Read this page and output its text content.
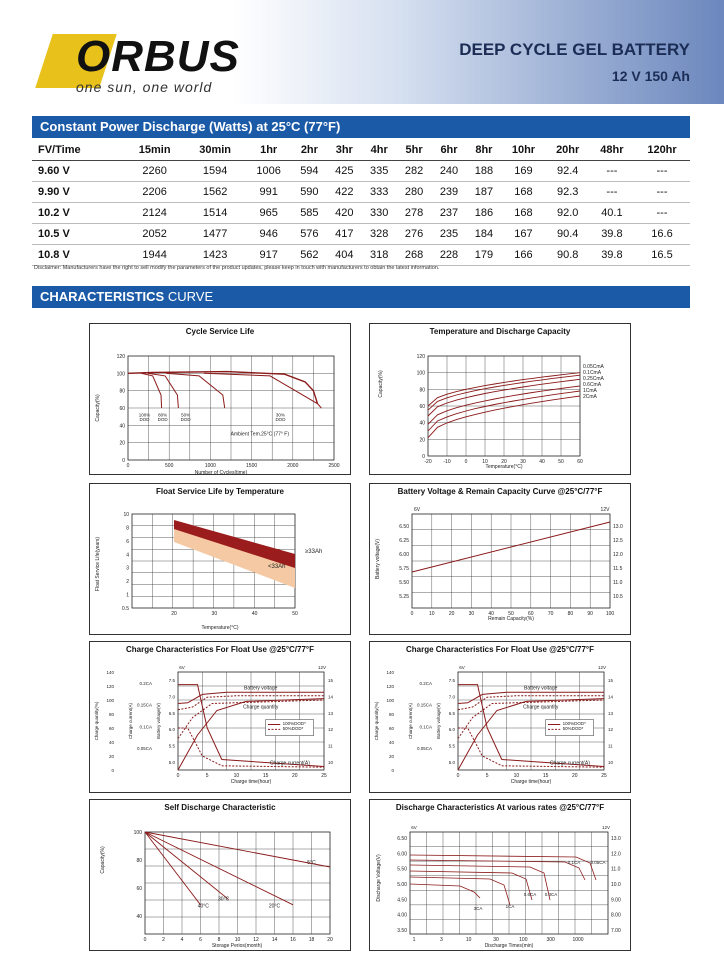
ORBUS
one sun, one world
DEEP CYCLE GEL BATTERY
12 V 150 Ah
Constant Power Discharge (Watts) at 25°C (77°F)
FV/Time	15min	30min	1hr	2hr	3hr	4hr	5hr	6hr	8hr	10hr	20hr	48hr	120hr
9.60 V	2260	1594	1006	594	425	335	282	240	188	169	92.4	---	---
9.90 V	2206	1562	991	590	422	333	280	239	187	168	92.3	---	---
10.2 V	2124	1514	965	585	420	330	278	237	186	168	92.0	40.1	---
10.5 V	2052	1477	946	576	417	328	276	235	184	167	90.4	39.8	16.6
10.8 V	1944	1423	917	562	404	318	268	228	179	166	90.8	39.8	16.5
Disclaimer: Manufacturers have the right to sell modify the parameters of the product updates, please keep in touch with manufacturers to obtain the latest information.
CHARACTERISTICS CURVE
Cycle Service Life
0	500	1000	1500	2000	2500
0
20
40
60
80
100
120
Number of Cycles(time)
Capacity(%)	100%
DOD
80%
DOD
50%
DOD
30%
DOD
Ambient Tem.25°C (77° F)
Temperature and Discharge Capacity
-20 -10	0	10	20	30	40	50	60
0
20
40
60
80
100
120
Temperature(°C)
Capacity(%)
0.05CmA
0.1CmA
0.25CmA
0.6CmA
1CmA
2CmA
Float Service Life by Temperature
20	30	40	50
0.5
1
2
3
4
6
8
10
Temperature(°C)
Float Service Life(years)	≥33Ah
<33Ah
Battery Voltage & Remain Capacity Curve @25°C/77°F
0	10	20	30	40	50	60	70	80	90	100
5.25
5.50
5.75
6.00
6.25
6.50
10.5
11.0
11.5
12.0
12.5
13.0
6V	12V
Remain Capacity(%)
Battery voltage(V)
Charge Characteristics For Float Use @25°C/77°F
0	5	10	15	20	25
0
20
40
60
80
100
120
140
0.05CA
0.1CA
0.15CA
0.2CA
5.0
5.5
6.0
6.5
7.0
7.5
10
11
12
13
14
15
6V	12V
Charge time(hour)
Charge quantity(%)	Charge current(A)	Battery voltage(V)
Battery voltage
Charge quantity
100%DOD*
50%DOD*
Charge current(A)
Charge Characteristics For Float Use @25°C/77°F
0	5	10	15	20	25
0
20
40
60
80
100
120
140
0.05CA
0.1CA
0.15CA
0.2CA
5.0
5.5
6.0
6.5
7.0
7.5
10
11
12
13
14
15
6V	12V
Charge time(hour)
Charge quantity(%)	Charge current(A)	Battery voltage(V)
Battery voltage
Charge quantity
100%DOD*
50%DOD*
Charge current(A)
Self Discharge Characteristic
0	2	4	6	8	10	12	14	16	18	20
40
60
80
100
Storage Perios(month)
Capacity(%)	5°C
20°C
30°C
40°C
Discharge Characteristics At various rates @25°C/77°F
1	3	10	30	100	300	1000
3.50
4.00
4.50
5.00
5.50
6.00
6.50
7.00
8.00
9.00
10.0
11.0
12.0
13.0
6V	12V
Discharge Times(min)
Discharge Voltage(V)
3CA	1CA
0.6CA 0.3CA
0.1CA 0.05CA
